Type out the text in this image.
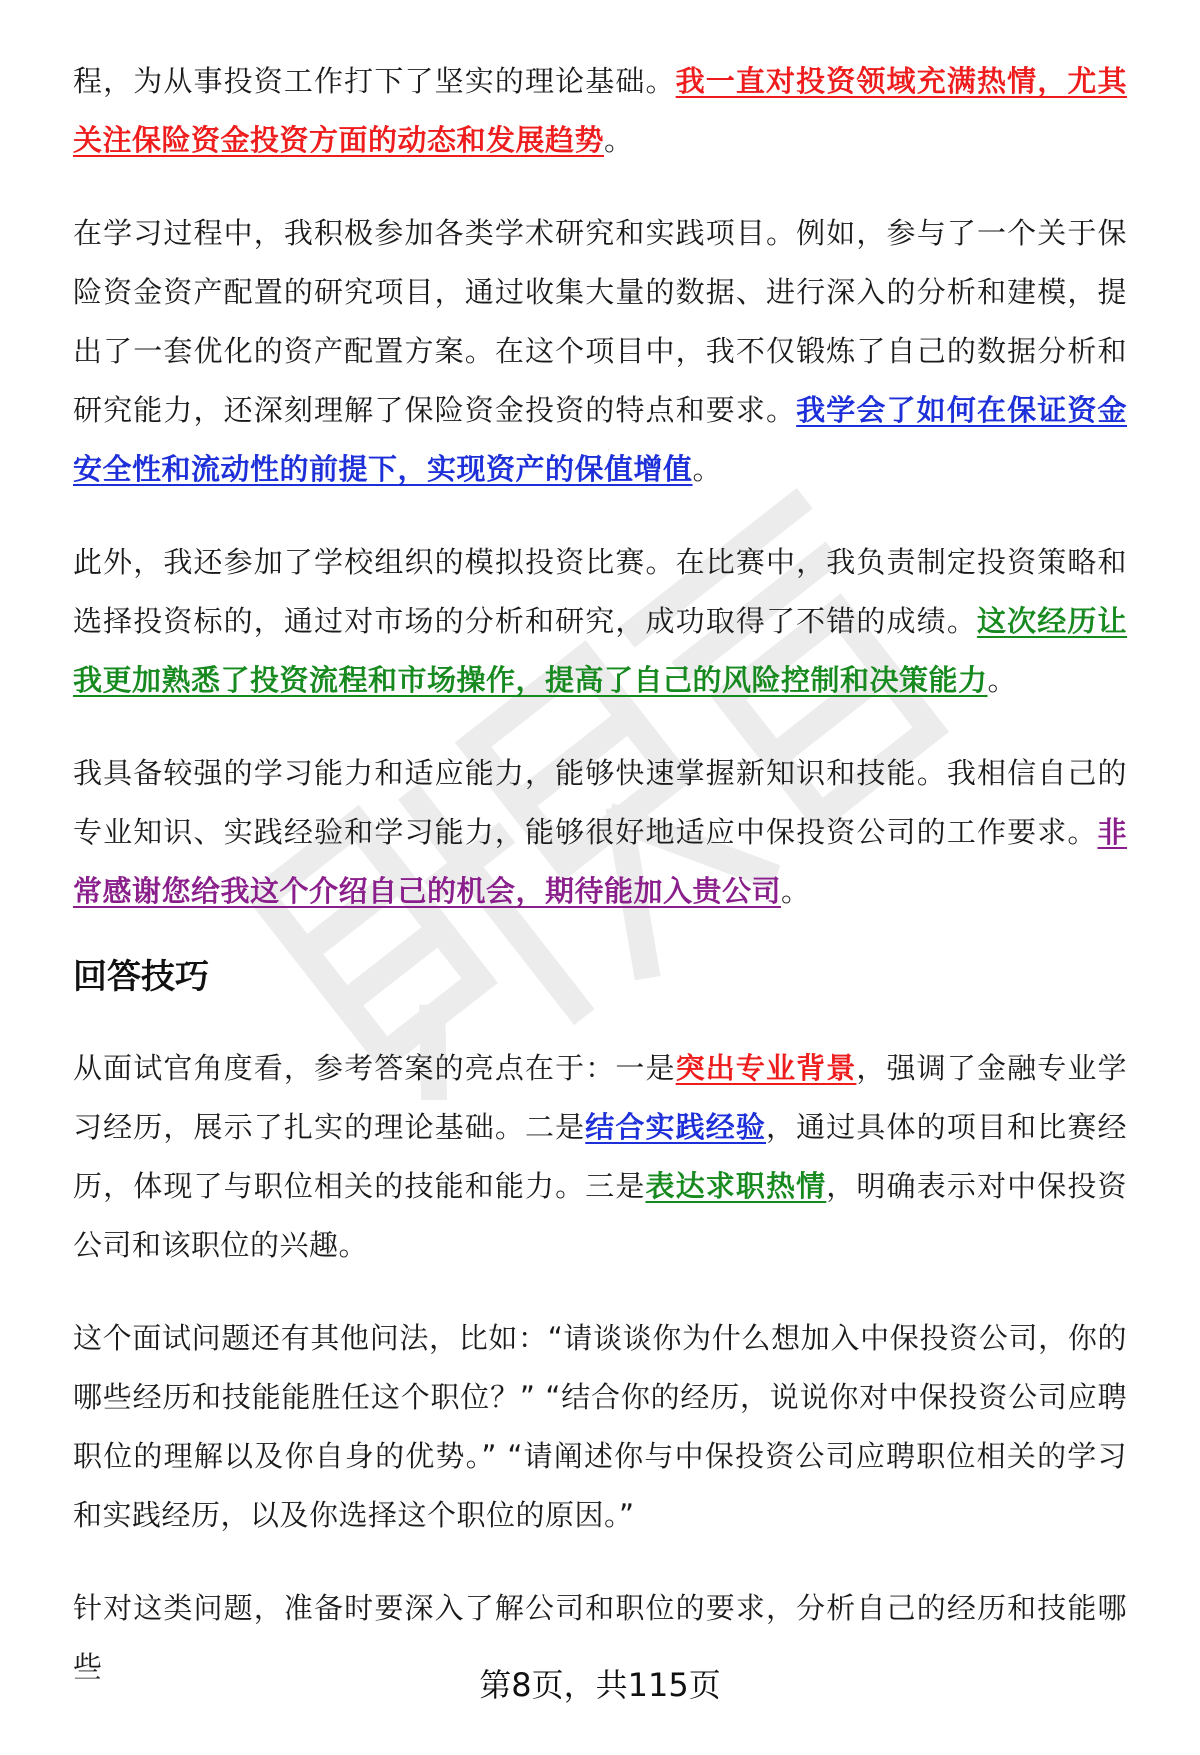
程，为从事投资工作打下了坚实的理论基础。我一直对投资领域充满热情，尤其关注保险资金投资方面的动态和发展趋势。

在学习过程中，我积极参加各类学术研究和实践项目。例如，参与了一个关于保险资金资产配置的研究项目，通过收集大量的数据、进行深入的分析和建模，提出了一套优化的资产配置方案。在这个项目中，我不仅锻炼了自己的数据分析和研究能力，还深刻理解了保险资金投资的特点和要求。我学会了如何在保证资金安全性和流动性的前提下，实现资产的保值增值。

此外，我还参加了学校组织的模拟投资比赛。在比赛中，我负责制定投资策略和选择投资标的，通过对市场的分析和研究，成功取得了不错的成绩。这次经历让我更加熟悉了投资流程和市场操作，提高了自己的风险控制和决策能力。

我具备较强的学习能力和适应能力，能够快速掌握新知识和技能。我相信自己的专业知识、实践经验和学习能力，能够很好地适应中保投资公司的工作要求。非常感谢您给我这个介绍自己的机会，期待能加入贵公司。

回答技巧

从面试官角度看，参考答案的亮点在于：一是突出专业背景，强调了金融专业学习经历，展示了扎实的理论基础。二是结合实践经验，通过具体的项目和比赛经历，体现了与职位相关的技能和能力。三是表达求职热情，明确表示对中保投资公司和该职位的兴趣。

这个面试问题还有其他问法，比如：“请谈谈你为什么想加入中保投资公司，你的哪些经历和技能能胜任这个职位？” “结合你的经历，说说你对中保投资公司应聘职位的理解以及你自身的优势。” “请阐述你与中保投资公司应聘职位相关的学习和实践经历，以及你选择这个职位的原因。”

针对这类问题，准备时要深入了解公司和职位的要求，分析自己的经历和技能哪些	第8页，共115页
